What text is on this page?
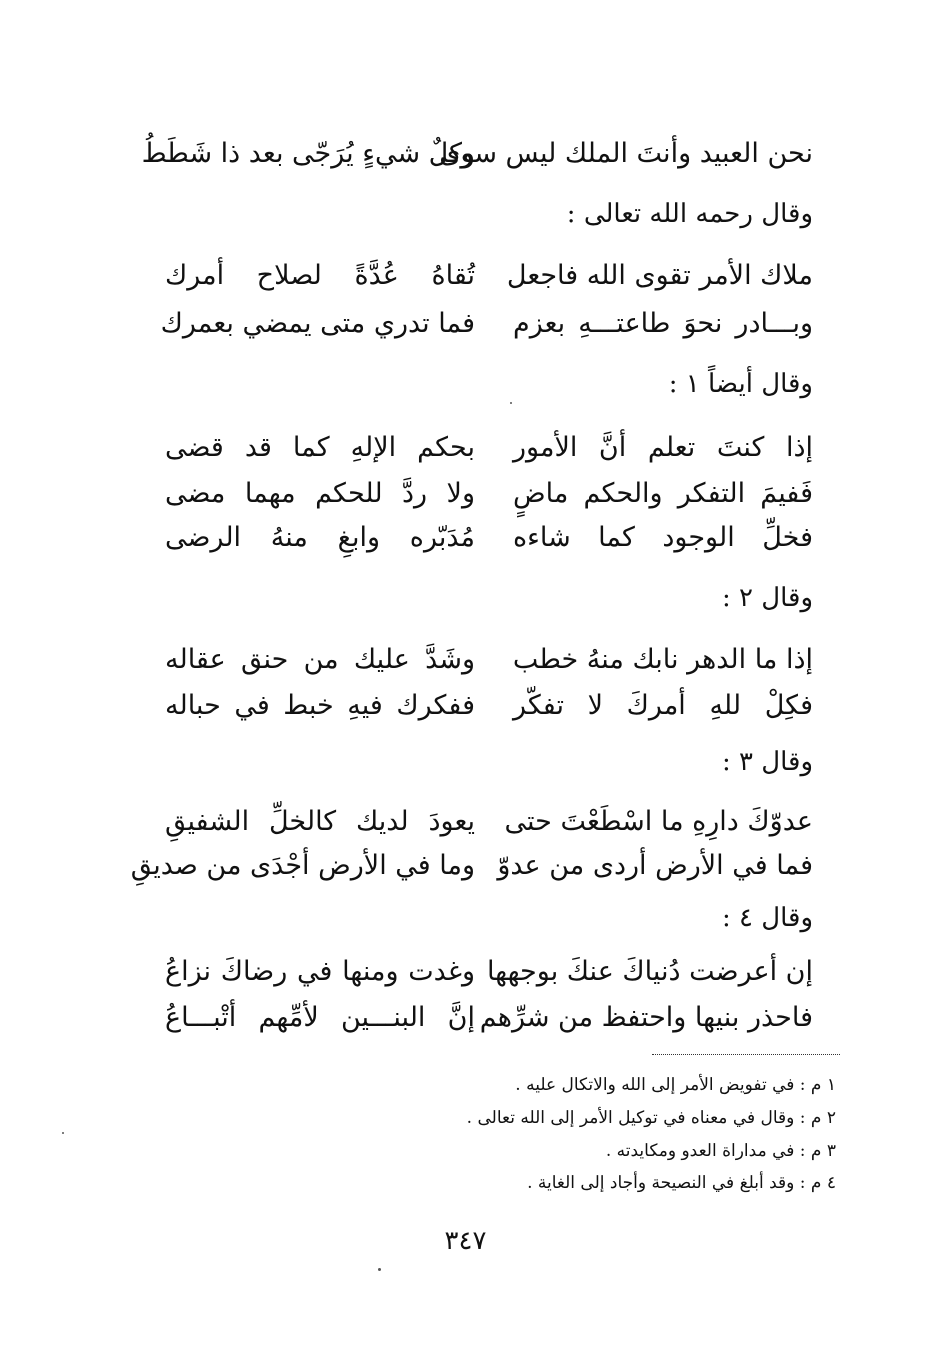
نحن العبيد وأنتَ الملك ليس سوى
وكلٌ شيءٍ يُرَجّى بعد ذا شَطَطُ
وقال رحمه الله تعالى :
ملاك الأمر تقوى الله فاجعل
تُقاهُ عُدَّةً لصلاح أمرك
وبـــادر نحوَ طاعتـــهِ بعزم
فما تدري متى يمضي بعمرك
وقال أيضاً ١ :
إذا كنتَ تعلم أنَّ الأمور
بحكم الإلهِ كما قد قضى
فَفيمَ التفكر والحكم ماضٍ
ولا ردَّ للحكم مهما مضى
فخلِّ الوجود كما شاءه
مُدَبّره وابغِ منهُ الرضى
وقال ٢ :
إذا ما الدهر نابك منهُ خطب
وشَدَّ عليك من حنق عقاله
فكِلْ للهِ أمركَ لا تفكّر
ففكرك فيهِ خبط في حباله
وقال ٣ :
عدوّكَ دارِهِ ما اسْطَعْتَ حتى
يعودَ لديك كالخلِّ الشفيقِ
فما في الأرض أردى من عدوّ
وما في الأرض أجْدَى من صديقِ
وقال ٤ :
إن أعرضت دُنياكَ عنكَ بوجهها
وغدت ومنها في رضاكَ نزاعُ
فاحذر بنيها واحتفظ من شرِّهم
إنَّ البنـــين لأمِّهم أتْبـــاعُ
١ م : في تفويض الأمر إلى الله والاتكال عليه .
٢ م : وقال في معناه في توكيل الأمر إلى الله تعالى .
٣ م : في مداراة العدو ومكايدته .
٤ م : وقد أبلغ في النصيحة وأجاد إلى الغاية .
٣٤٧
